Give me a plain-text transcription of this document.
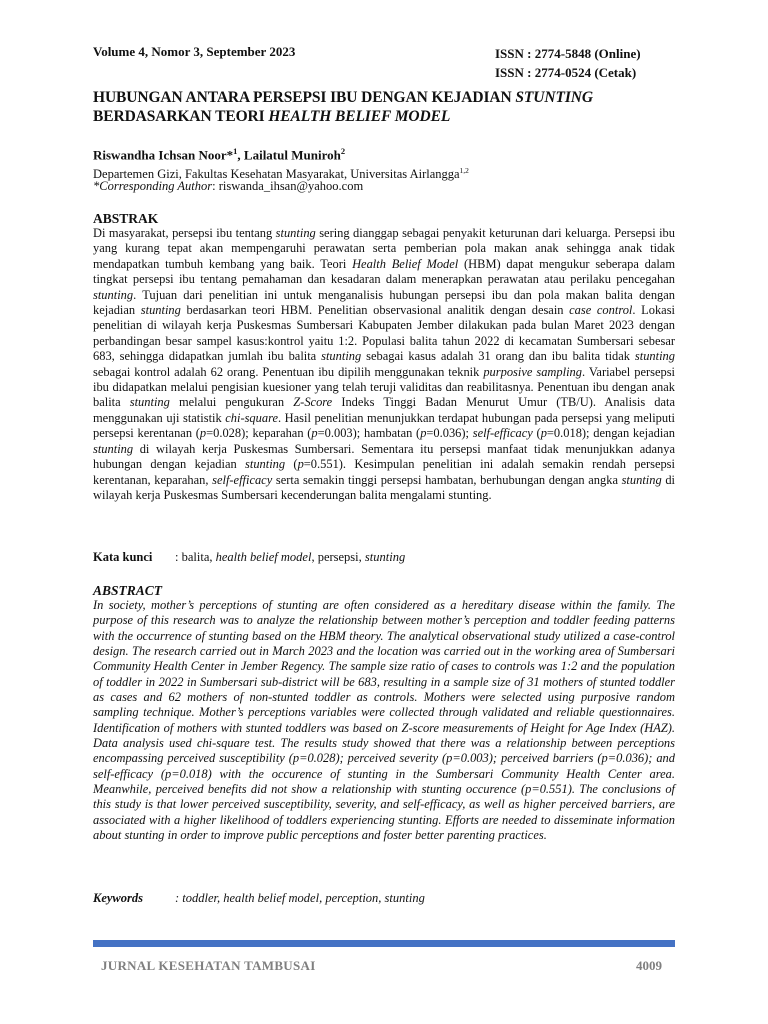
Volume 4, Nomor 3, September 2023	ISSN : 2774-5848 (Online)
ISSN : 2774-0524 (Cetak)
HUBUNGAN ANTARA PERSEPSI IBU DENGAN KEJADIAN STUNTING
BERDASARKAN TEORI HEALTH BELIEF MODEL
Riswandha Ichsan Noor*$^1$, Lailatul Muniroh$^2$
Departemen Gizi, Fakultas Kesehatan Masyarakat, Universitas Airlangga$^{1,2}$
*Corresponding Author: riswanda_ihsan@yahoo.com
ABSTRAK
Di masyarakat, persepsi ibu tentang stunting sering dianggap sebagai penyakit keturunan dari keluarga. Persepsi ibu yang kurang tepat akan mempengaruhi perawatan serta pemberian pola makan anak sehingga anak tidak mendapatkan tumbuh kembang yang baik. Teori Health Belief Model (HBM) dapat mengukur seberapa dalam tingkat persepsi ibu tentang pemahaman dan kesadaran dalam menerapkan perawatan atau perilaku pencegahan stunting. Tujuan dari penelitian ini untuk menganalisis hubungan persepsi ibu dan pola makan balita dengan kejadian stunting berdasarkan teori HBM. Penelitian observasional analitik dengan desain case control. Lokasi penelitian di wilayah kerja Puskesmas Sumbersari Kabupaten Jember dilakukan pada bulan Maret 2023 dengan perbandingan besar sampel kasus:kontrol yaitu 1:2. Populasi balita tahun 2022 di kecamatan Sumbersari sebesar 683, sehingga didapatkan jumlah ibu balita stunting sebagai kasus adalah 31 orang dan ibu balita tidak stunting sebagai kontrol adalah 62 orang. Penentuan ibu dipilih menggunakan teknik purposive sampling. Variabel persepsi ibu didapatkan melalui pengisian kuesioner yang telah teruji validitas dan reabilitasnya. Penentuan ibu dengan anak balita stunting melalui pengukuran Z-Score Indeks Tinggi Badan Menurut Umur (TB/U). Analisis data menggunakan uji statistik chi-square. Hasil penelitian menunjukkan terdapat hubungan pada persepsi yang meliputi persepsi kerentanan (p=0.028); keparahan (p=0.003); hambatan (p=0.036); self-efficacy (p=0.018); dengan kejadian stunting di wilayah kerja Puskesmas Sumbersari. Sementara itu persepsi manfaat tidak menunjukkan adanya hubungan dengan kejadian stunting (p=0.551). Kesimpulan penelitian ini adalah semakin rendah persepsi kerentanan, keparahan, self-efficacy serta semakin tinggi persepsi hambatan, berhubungan dengan angka stunting di wilayah kerja Puskesmas Sumbersari kecenderungan balita mengalami stunting.
Kata kunci : balita, health belief model, persepsi, stunting
ABSTRACT
In society, mother’s perceptions of stunting are often considered as a hereditary disease within the family. The purpose of this research was to analyze the relationship between mother’s perception and toddler feeding patterns with the occurrence of stunting based on the HBM theory. The analytical observational study utilized a case-control design. The research carried out in March 2023 and the location was carried out in the working area of Sumbersari Community Health Center in Jember Regency. The sample size ratio of cases to controls was 1:2 and the population of toddler in 2022 in Sumbersari sub-district will be 683, resulting in a sample size of 31 mothers of stunted toddler as cases and 62 mothers of non-stunted toddler as controls. Mothers were selected using purposive random sampling technique. Mother’s perceptions variables were collected through validated and reliable questionnaires. Identification of mothers with stunted toddlers was based on Z-score measurements of Height for Age Index (HAZ). Data analysis used chi-square test. The results study showed that there was a relationship between perceptions encompassing perceived susceptibility (p=0.028); perceived severity (p=0.003); perceived barriers (p=0.036); and self-efficacy (p=0.018) with the occurence of stunting in the Sumbersari Community Health Center area. Meanwhile, perceived benefits did not show a relationship with stunting occurence (p=0.551). The conclusions of this study is that lower perceived susceptibility, severity, and self-efficacy, as well as higher perceived barriers, are associated with a higher likelihood of toddlers experiencing stunting. Efforts are needed to disseminate information about stunting in order to improve public perceptions and foster better parenting practices.
Keywords	: toddler, health belief model, perception, stunting
JURNAL KESEHATAN TAMBUSAI	4009
